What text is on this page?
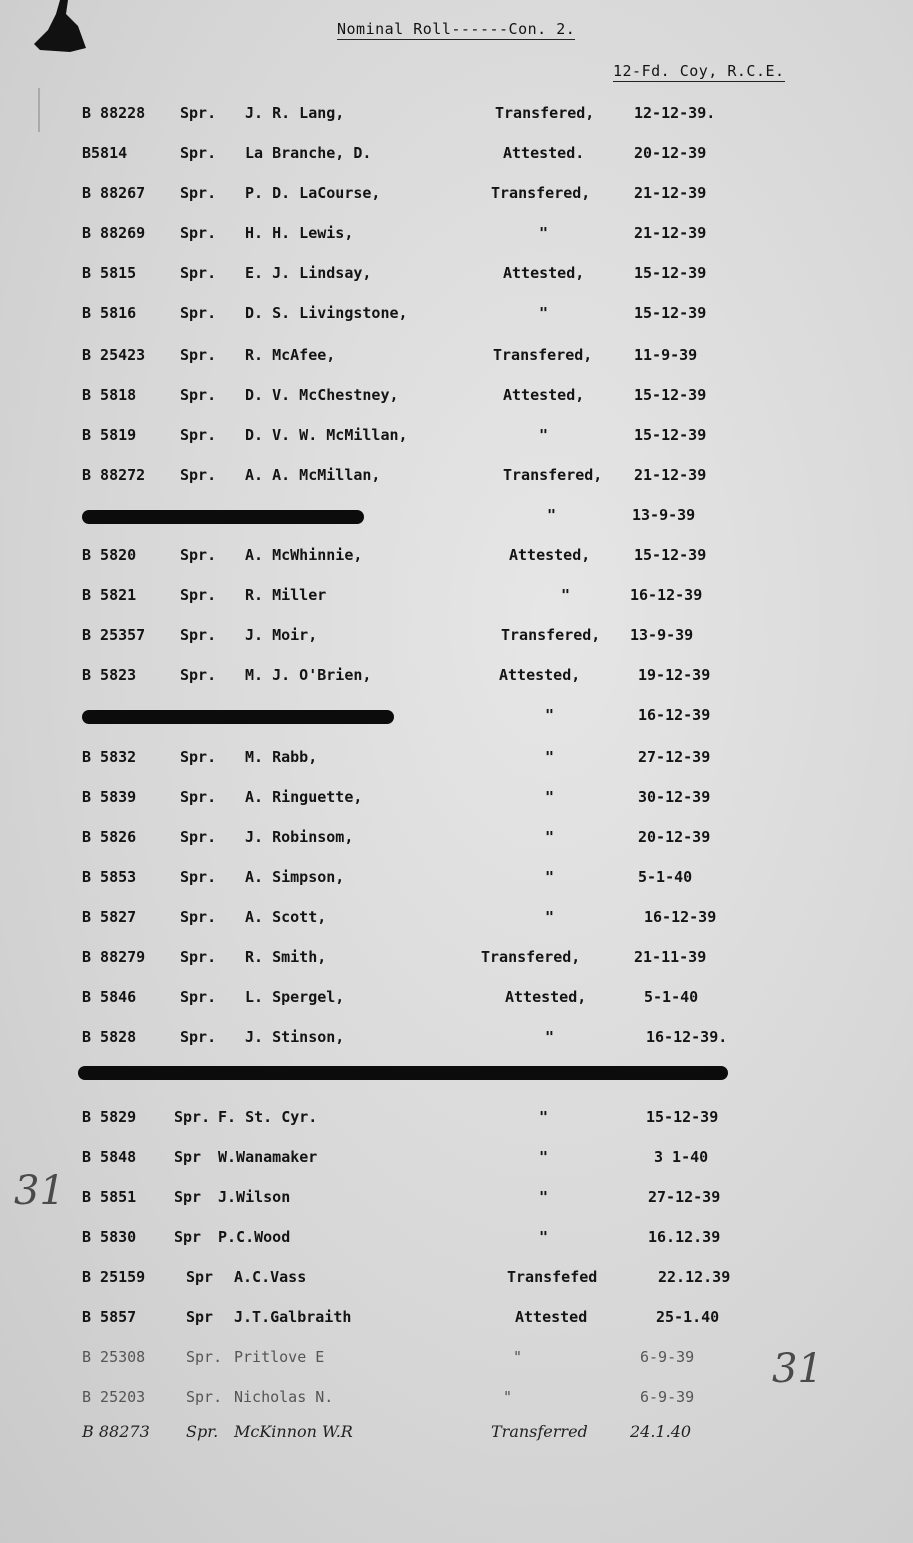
Nominal Roll------Con. 2.
12-Fd. Coy, R.C.E.
B 88228 Spr. J. R. Lang,	Transfered,	12-12-39.
B5814	Spr. La Branche, D.	Attested.	20-12-39
B 88267 Spr. P. D. LaCourse,	Transfered,	21-12-39
B 88269 Spr. H. H. Lewis,	"	21-12-39
B 5815	Spr. E. J. Lindsay,	Attested,	15-12-39
B 5816	Spr. D. S. Livingstone,	"	15-12-39
B 25423 Spr. R. McAfee,	Transfered,	11-9-39
B 5818	Spr. D. V. McChestney,	Attested,	15-12-39
B 5819	Spr. D. V. W. McMillan,	"	15-12-39
B 88272 Spr. A. A. McMillan,	Transfered, 21-12-39
"	13-9-39
B 5820	Spr. A. McWhinnie,	Attested,	15-12-39
B 5821	Spr. R. Miller	"	16-12-39
B 25357 Spr. J. Moir,	Transfered, 13-9-39
B 5823	Spr. M. J. O'Brien,	Attested,	19-12-39
"	16-12-39
B 5832	Spr. M. Rabb,	"	27-12-39
B 5839	Spr. A. Ringuette,	"	30-12-39
B 5826	Spr. J. Robinsom,	"	20-12-39
B 5853	Spr. A. Simpson,	"	5-1-40
B 5827	Spr. A. Scott,	"	16-12-39
B 88279 Spr. R. Smith,	Transfered,	21-11-39
B 5846	Spr. L. Spergel,	Attested,	5-1-40
B 5828	Spr. J. Stinson,	"	16-12-39.
B 5829	Spr. F. St. Cyr.	"	15-12-39
B 5848	Spr W.Wanamaker	"	3 1-40
B 5851	Spr J.Wilson	"	27-12-39
B 5830	Spr P.C.Wood	"	16.12.39
B 25159	Spr A.C.Vass	Transfefed	22.12.39
B 5857	Spr J.T.Galbraith	Attested	25-1.40
B 25308	Spr. Pritlove E	"	6-9-39
B 25203	Spr. Nicholas N.	"	6-9-39
B 88273 Spr. McKinnon W.R	Transferred	24.1.40
31
31
